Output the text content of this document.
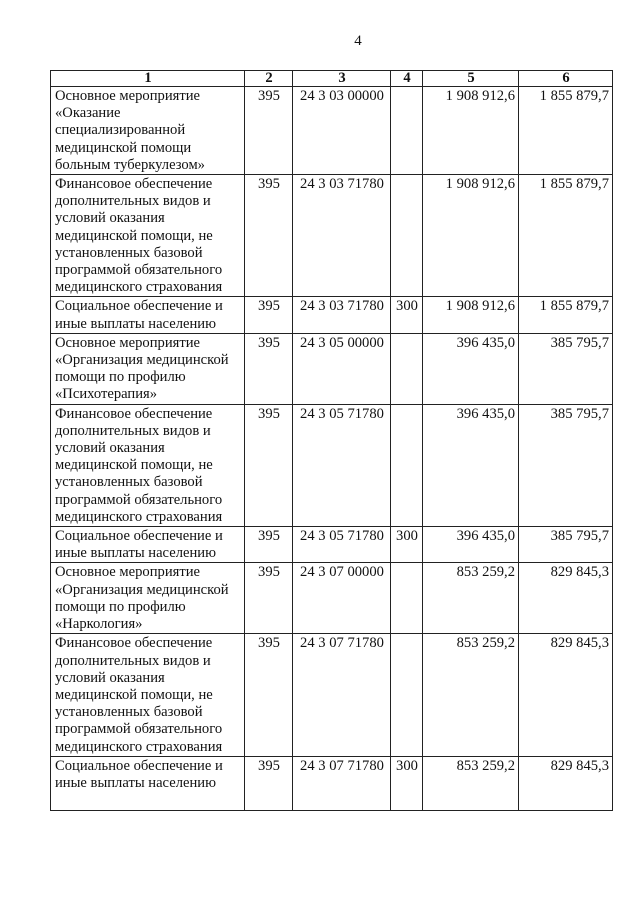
4
1	2	3	4	5	6
Основное мероприятие «Оказание специализированной медицинской помощи больным туберкулезом»	395	24 3 03 00000		1 908 912,6	1 855 879,7
Финансовое обеспечение дополнительных видов и условий оказания медицинской помощи, не установленных базовой программой обязательного медицинского страхования	395	24 3 03 71780		1 908 912,6	1 855 879,7
Социальное обеспечение и иные выплаты населению	395	24 3 03 71780	300	1 908 912,6	1 855 879,7
Основное мероприятие «Организация медицинской помощи по профилю «Психотерапия»	395	24 3 05 00000		396 435,0	385 795,7
Финансовое обеспечение дополнительных видов и условий оказания медицинской помощи, не установленных базовой программой обязательного медицинского страхования	395	24 3 05 71780		396 435,0	385 795,7
Социальное обеспечение и иные выплаты населению	395	24 3 05 71780	300	396 435,0	385 795,7
Основное мероприятие «Организация медицинской помощи по профилю «Наркология»	395	24 3 07 00000		853 259,2	829 845,3
Финансовое обеспечение дополнительных видов и условий оказания медицинской помощи, не установленных базовой программой обязательного медицинского страхования	395	24 3 07 71780		853 259,2	829 845,3
Социальное обеспечение и иные выплаты населению	395	24 3 07 71780	300	853 259,2	829 845,3
